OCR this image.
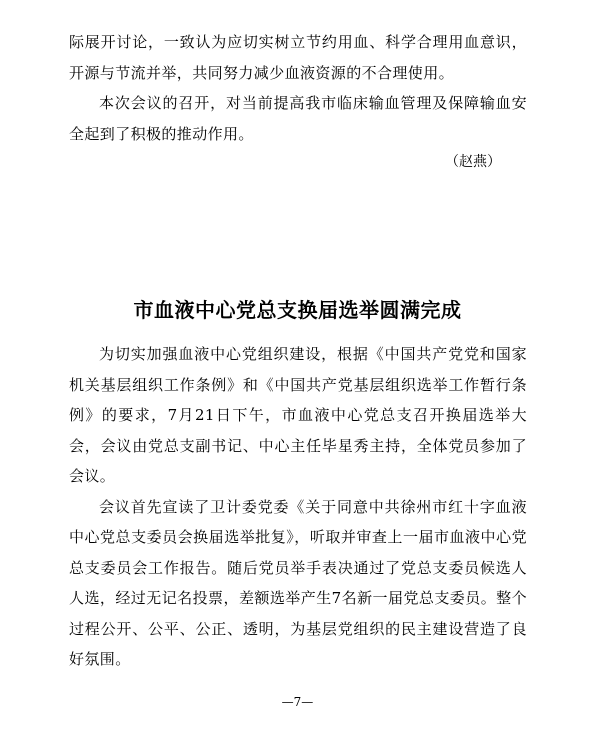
际展开讨论，一致认为应切实树立节约用血、科学合理用血意识，开源与节流并举，共同努力减少血液资源的不合理使用。

本次会议的召开，对当前提高我市临床输血管理及保障输血安全起到了积极的推动作用。

（赵燕）
市血液中心党总支换届选举圆满完成

为切实加强血液中心党组织建设，根据《中国共产党党和国家机关基层组织工作条例》和《中国共产党基层组织选举工作暂行条例》的要求，7月21日下午，市血液中心党总支召开换届选举大会，会议由党总支副书记、中心主任毕星秀主持，全体党员参加了会议。

会议首先宣读了卫计委党委《关于同意中共徐州市红十字血液中心党总支委员会换届选举批复》，听取并审查上一届市血液中心党总支委员会工作报告。随后党员举手表决通过了党总支委员候选人人选，经过无记名投票，差额选举产生7名新一届党总支委员。整个过程公开、公平、公正、透明，为基层党组织的民主建设营造了良好氛围。

—7—
